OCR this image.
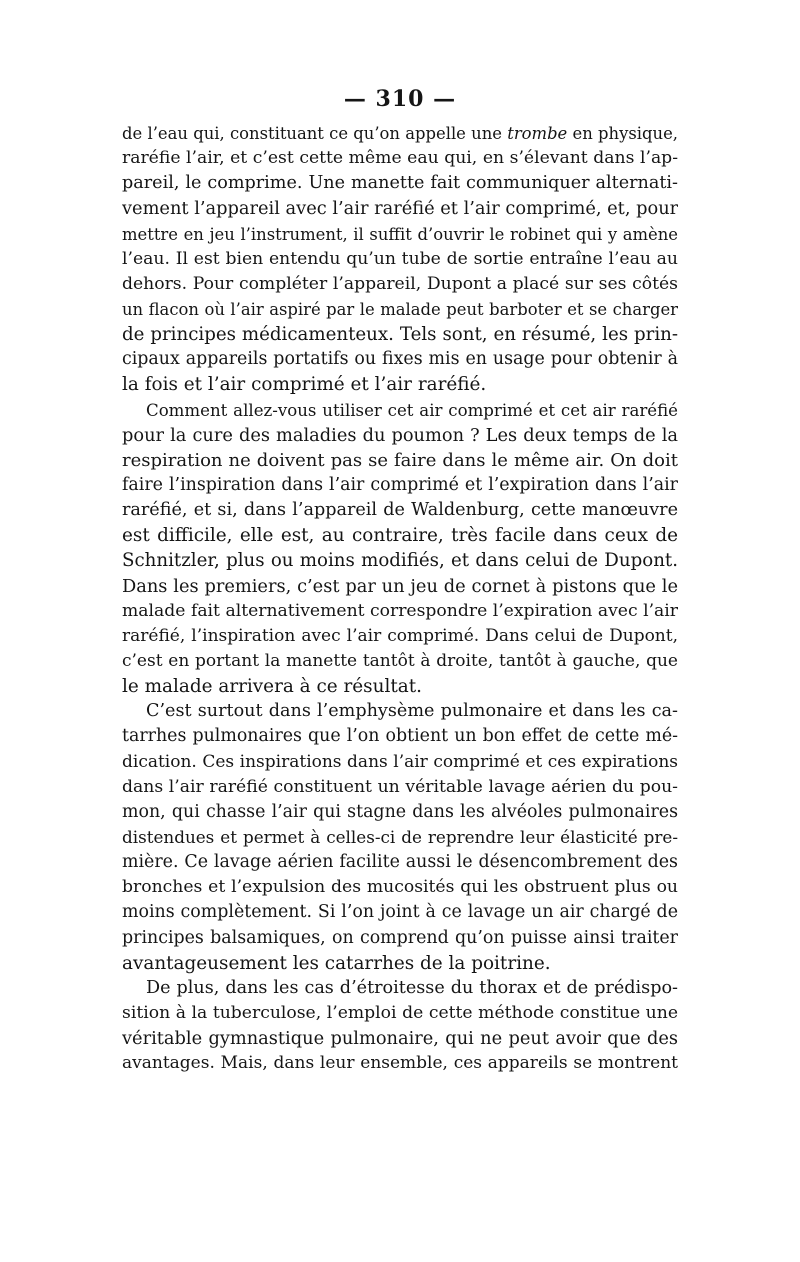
— 310 —
de l’eau qui, constituant ce qu’on appelle une trombe en physique,
raréfie l’air, et c’est cette même eau qui, en s’élevant dans l’ap-
pareil, le comprime. Une manette fait communiquer alternati-
vement l’appareil avec l’air raréfié et l’air comprimé, et, pour
mettre en jeu l’instrument, il suffit d’ouvrir le robinet qui y amène
l’eau. Il est bien entendu qu’un tube de sortie entraîne l’eau au
dehors. Pour compléter l’appareil, Dupont a placé sur ses côtés
un flacon où l’air aspiré par le malade peut barboter et se charger
de principes médicamenteux. Tels sont, en résumé, les prin-
cipaux appareils portatifs ou fixes mis en usage pour obtenir à
la fois et l’air comprimé et l’air raréfié.
Comment allez-vous utiliser cet air comprimé et cet air raréfié
pour la cure des maladies du poumon ? Les deux temps de la
respiration ne doivent pas se faire dans le même air. On doit
faire l’inspiration dans l’air comprimé et l’expiration dans l’air
raréfié, et si, dans l’appareil de Waldenburg, cette manœuvre
est difficile, elle est, au contraire, très facile dans ceux de
Schnitzler, plus ou moins modifiés, et dans celui de Dupont.
Dans les premiers, c’est par un jeu de cornet à pistons que le
malade fait alternativement correspondre l’expiration avec l’air
raréfié, l’inspiration avec l’air comprimé. Dans celui de Dupont,
c’est en portant la manette tantôt à droite, tantôt à gauche, que
le malade arrivera à ce résultat.
C’est surtout dans l’emphysème pulmonaire et dans les ca-
tarrhes pulmonaires que l’on obtient un bon effet de cette mé-
dication. Ces inspirations dans l’air comprimé et ces expirations
dans l’air raréfié constituent un véritable lavage aérien du pou-
mon, qui chasse l’air qui stagne dans les alvéoles pulmonaires
distendues et permet à celles-ci de reprendre leur élasticité pre-
mière. Ce lavage aérien facilite aussi le désencombrement des
bronches et l’expulsion des mucosités qui les obstruent plus ou
moins complètement. Si l’on joint à ce lavage un air chargé de
principes balsamiques, on comprend qu’on puisse ainsi traiter
avantageusement les catarrhes de la poitrine.
De plus, dans les cas d’étroitesse du thorax et de prédispo-
sition à la tuberculose, l’emploi de cette méthode constitue une
véritable gymnastique pulmonaire, qui ne peut avoir que des
avantages. Mais, dans leur ensemble, ces appareils se montrent
